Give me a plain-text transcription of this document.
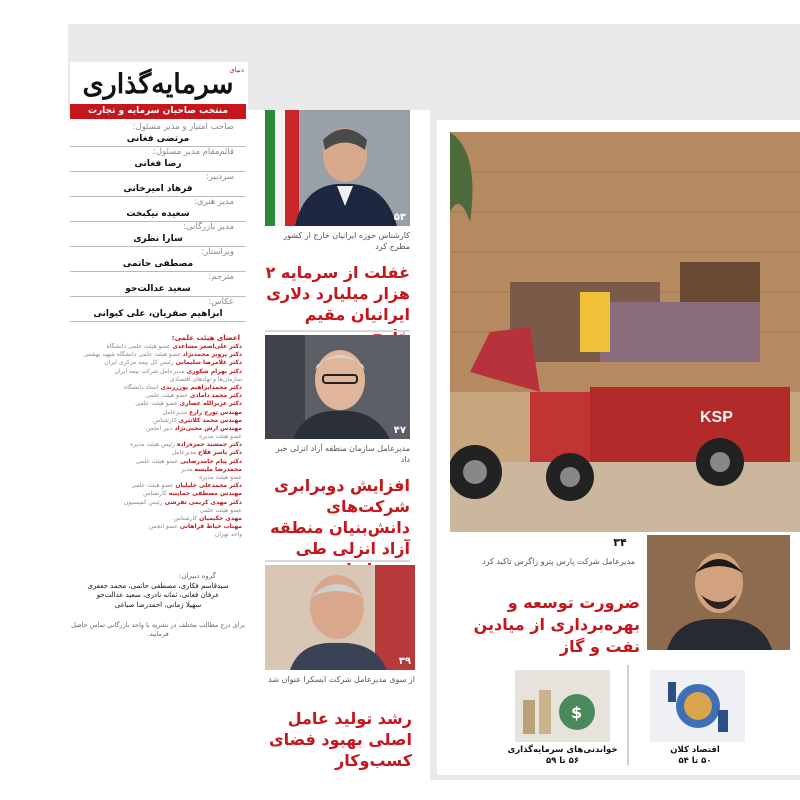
دنیای
سرمایه‌گذاری
منتخب صاحبان سرمایه و تجارت
صاحب امتیاز و مدیر مسئول:
مرتضی فغانی
قائم‌مقام مدیر مسئول:
رضا فغانی
سردبیر:
فرهاد امیرخانی
مدیر هنری:
سعیده نیکبخت
مدیر بازرگانی:
سارا نظری
ویراستار:
مصطفی حاتمی
مترجم:
سعید عدالت‌جو
عکاس:
ابراهیم صفریان، علی کیوانی
اعضای هیئت علمی:
دکتر علی‌اصغر مساعدی عضو هیئت علمی دانشگاه
دکتر پرویز محمدنژاد عضو هیئت علمی دانشگاه شهید بهشتی
دکتر غلامرضا سلیمانی رئیس کل بیمه مرکزی ایران
دکتر بهرام شکوری مدیرعامل شرکت بیمه ایران
سازمان‌ها و نهادهای اقتصادی
دکتر محمدابراهیم پورزرندی استاد دانشگاه
دکتر محمد دامادی عضو هیئت علمی
دکتر عزیزالله عصاری عضو هیئت علمی
مهندس تورج زارع مدیرعامل
مهندس محمد کلانتری کارشناس
مهندس آرش محبی‌نژاد دبیر انجمن
عضو هیئت مدیره
دکتر جمشید حمزه‌زاده رئیس هیئت مدیره
دکتر یاسر فلاح مدیرعامل
دکتر پیام حامدرضایی عضو هیئت علمی
محمدرضا ملیسه مدیر
عضو هیئت مدیره
دکتر محمدعلی خلیلیان عضو هیئت علمی
مهندس مصطفی حمایتیه کارشناس
دکتر مهدی کریمی تفرشی رئیس کمیسیون
عضو هیئت علمی
مهدی حکیمیان کارشناس
مهتاب خیاط فراهانی عضو انجمن
واحد تهران
گروه دبیران:
سیدقاسم فکاری، مصطفی حاتمی، محمد جعفری
عرفان فغانی، ثمانه نادری، سعید عدالت‌جو
سهیلا زمانی، احمدرضا صباغی
برای درج مطالب مختلف در نشریه با واحد بازرگانی تماس حاصل فرمایید.
۵۳
کارشناس حوزه ایرانیان خارج از کشور مطرح کرد
غفلت از سرمایه ۲ هزار میلیارد دلاری ایرانیان مقیم
۴۷
مدیرعامل سازمان منطقه آزاد انزلی خبر داد
افزایش دوبرابری شرکت‌های دانش‌بنیان منطقه آزاد انزلی طی
۳۹
از سوی مدیرعامل شرکت ایسکرا عنوان شد
رشد تولید عامل اصلی بهبود فضای کسب‌وکار
KSP
مدیرعامل شرکت پارس پترو زاگرس تاکید کرد
۳۴
ضرورت توسعه و بهره‌برداری از میادین نفت و گاز
اقتصاد کلان
۵۰ تا ۵۴
$
خواندنی‌های سرمایه‌گذاری
۵۶ تا ۵۹
